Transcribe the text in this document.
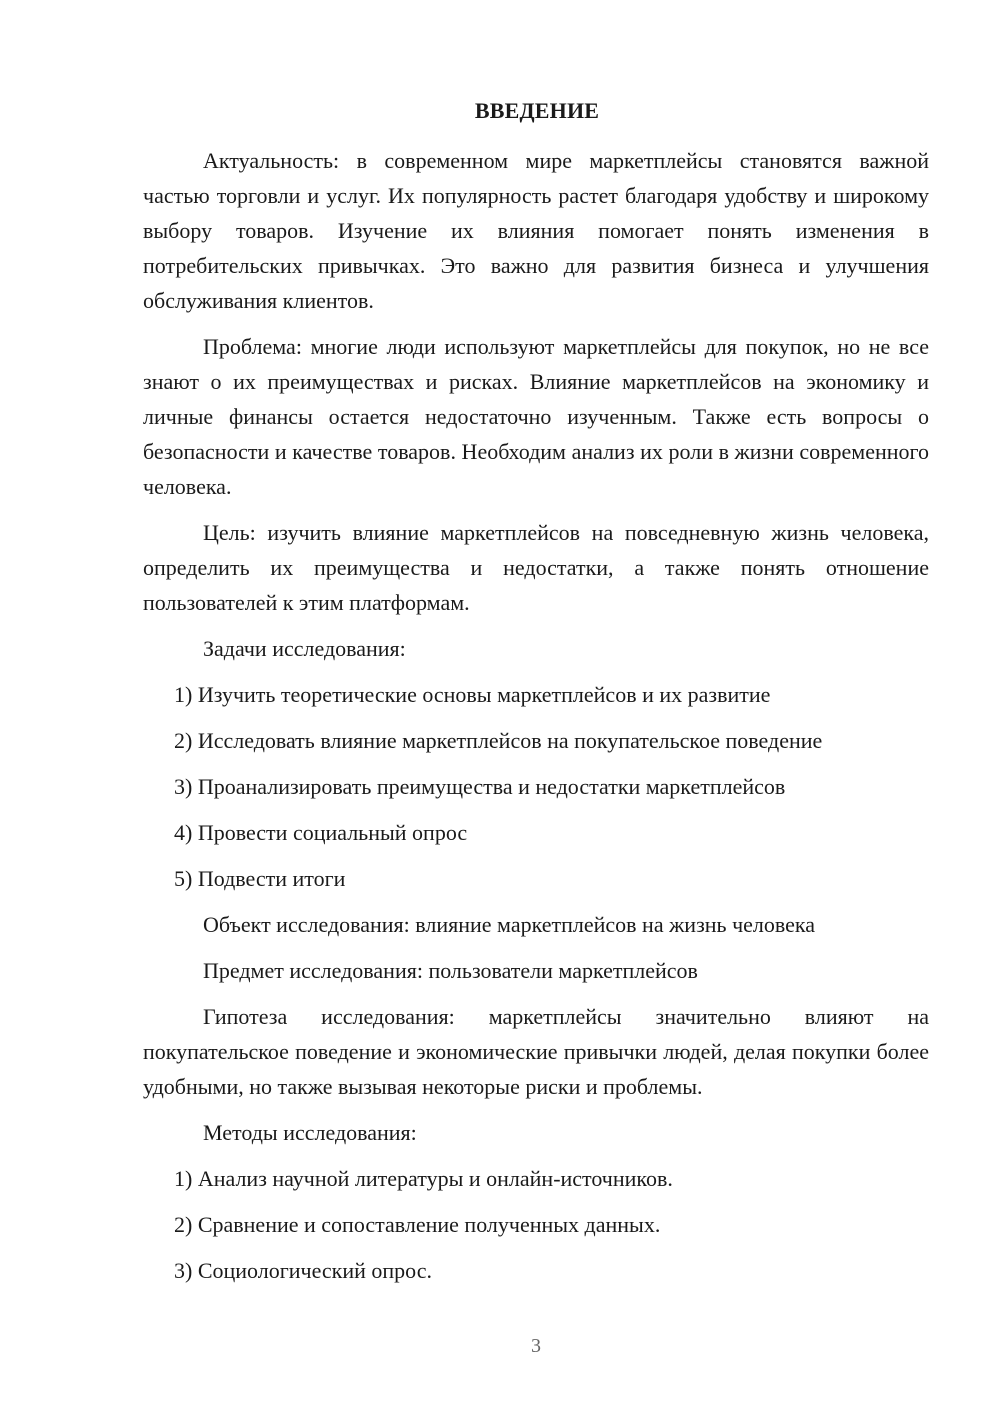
ВВЕДЕНИЕ

Актуальность: в современном мире маркетплейсы становятся важной частью торговли и услуг. Их популярность растет благодаря удобству и широкому выбору товаров. Изучение их влияния помогает понять изменения в потребительских привычках. Это важно для развития бизнеса и улучшения обслуживания клиентов.

Проблема: многие люди используют маркетплейсы для покупок, но не все знают о их преимуществах и рисках. Влияние маркетплейсов на экономику и личные финансы остается недостаточно изученным. Также есть вопросы о безопасности и качестве товаров. Необходим анализ их роли в жизни современного человека.

Цель: изучить влияние маркетплейсов на повседневную жизнь человека, определить их преимущества и недостатки, а также понять отношение пользователей к этим платформам.

Задачи исследования:
1) Изучить теоретические основы маркетплейсов и их развитие
2) Исследовать влияние маркетплейсов на покупательское поведение
3) Проанализировать преимущества и недостатки маркетплейсов
4) Провести социальный опрос
5) Подвести итоги
Объект исследования: влияние маркетплейсов на жизнь человека
Предмет исследования: пользователи маркетплейсов

Гипотеза исследования: маркетплейсы значительно влияют на покупательское поведение и экономические привычки людей, делая покупки более удобными, но также вызывая некоторые риски и проблемы.

Методы исследования:
1) Анализ научной литературы и онлайн-источников.
2) Сравнение и сопоставление полученных данных.
3) Социологический опрос.
3
